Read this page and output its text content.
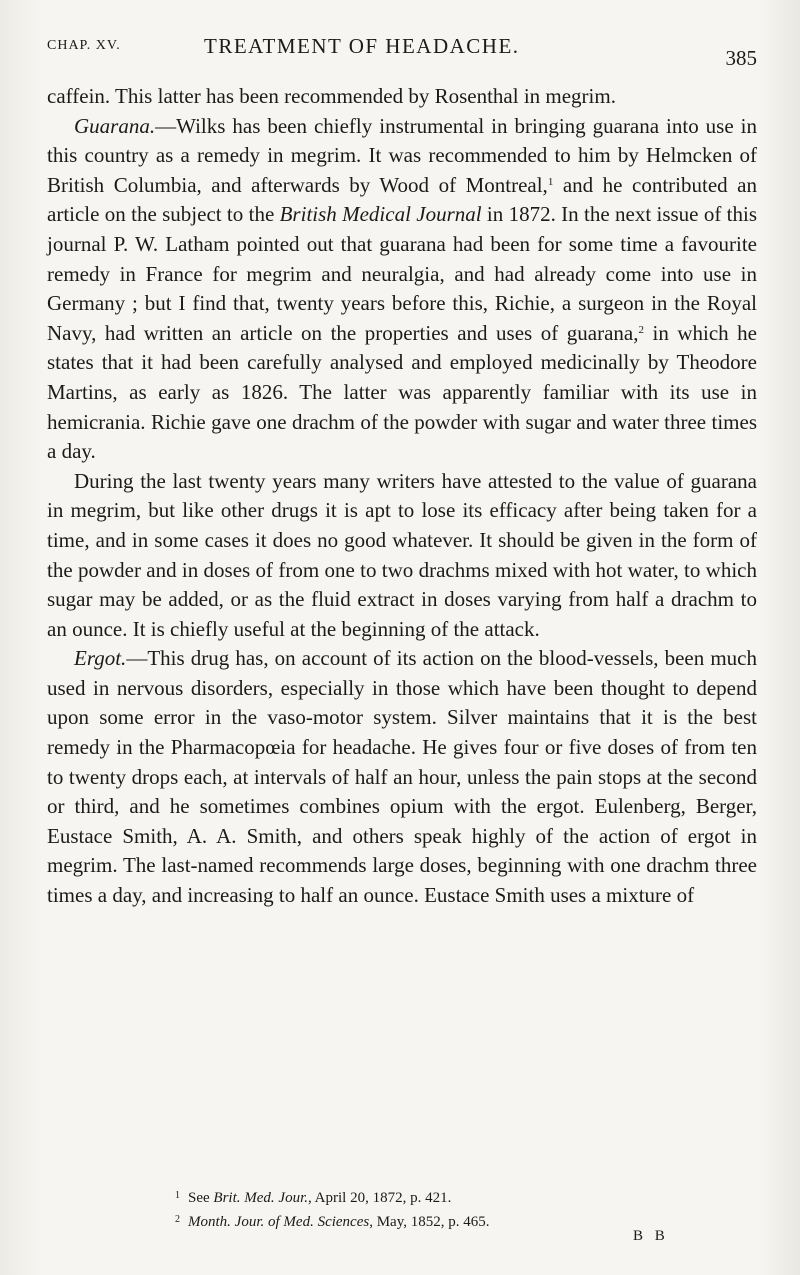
CHAP. XV.	TREATMENT OF HEADACHE.	385

caffein. This latter has been recommended by Rosenthal in megrim.

Guarana.—Wilks has been chiefly instrumental in bringing guarana into use in this country as a remedy in megrim. It was recommended to him by Helmcken of British Columbia, and afterwards by Wood of Montreal,$^1$ and he contributed an article on the subject to the British Medical Journal in 1872. In the next issue of this journal P. W. Latham pointed out that guarana had been for some time a favourite remedy in France for megrim and neuralgia, and had already come into use in Germany ; but I find that, twenty years before this, Richie, a surgeon in the Royal Navy, had written an article on the properties and uses of guarana,$^2$ in which he states that it had been carefully analysed and employed medicinally by Theodore Martins, as early as 1826. The latter was apparently familiar with its use in hemicrania. Richie gave one drachm of the powder with sugar and water three times a day.

During the last twenty years many writers have attested to the value of guarana in megrim, but like other drugs it is apt to lose its efficacy after being taken for a time, and in some cases it does no good whatever. It should be given in the form of the powder and in doses of from one to two drachms mixed with hot water, to which sugar may be added, or as the fluid extract in doses varying from half a drachm to an ounce. It is chiefly useful at the beginning of the attack.

Ergot.—This drug has, on account of its action on the blood-vessels, been much used in nervous disorders, especially in those which have been thought to depend upon some error in the vaso-motor system. Silver maintains that it is the best remedy in the Pharmacopœia for headache. He gives four or five doses of from ten to twenty drops each, at intervals of half an hour, unless the pain stops at the second or third, and he sometimes combines opium with the ergot. Eulenberg, Berger, Eustace Smith, A. A. Smith, and others speak highly of the action of ergot in megrim. The last-named recommends large doses, beginning with one drachm three times a day, and increasing to half an ounce. Eustace Smith uses a mixture of

$^1$ See Brit. Med. Jour., April 20, 1872, p. 421.

$^2$ Month. Jour. of Med. Sciences, May, 1852, p. 465.

B B
